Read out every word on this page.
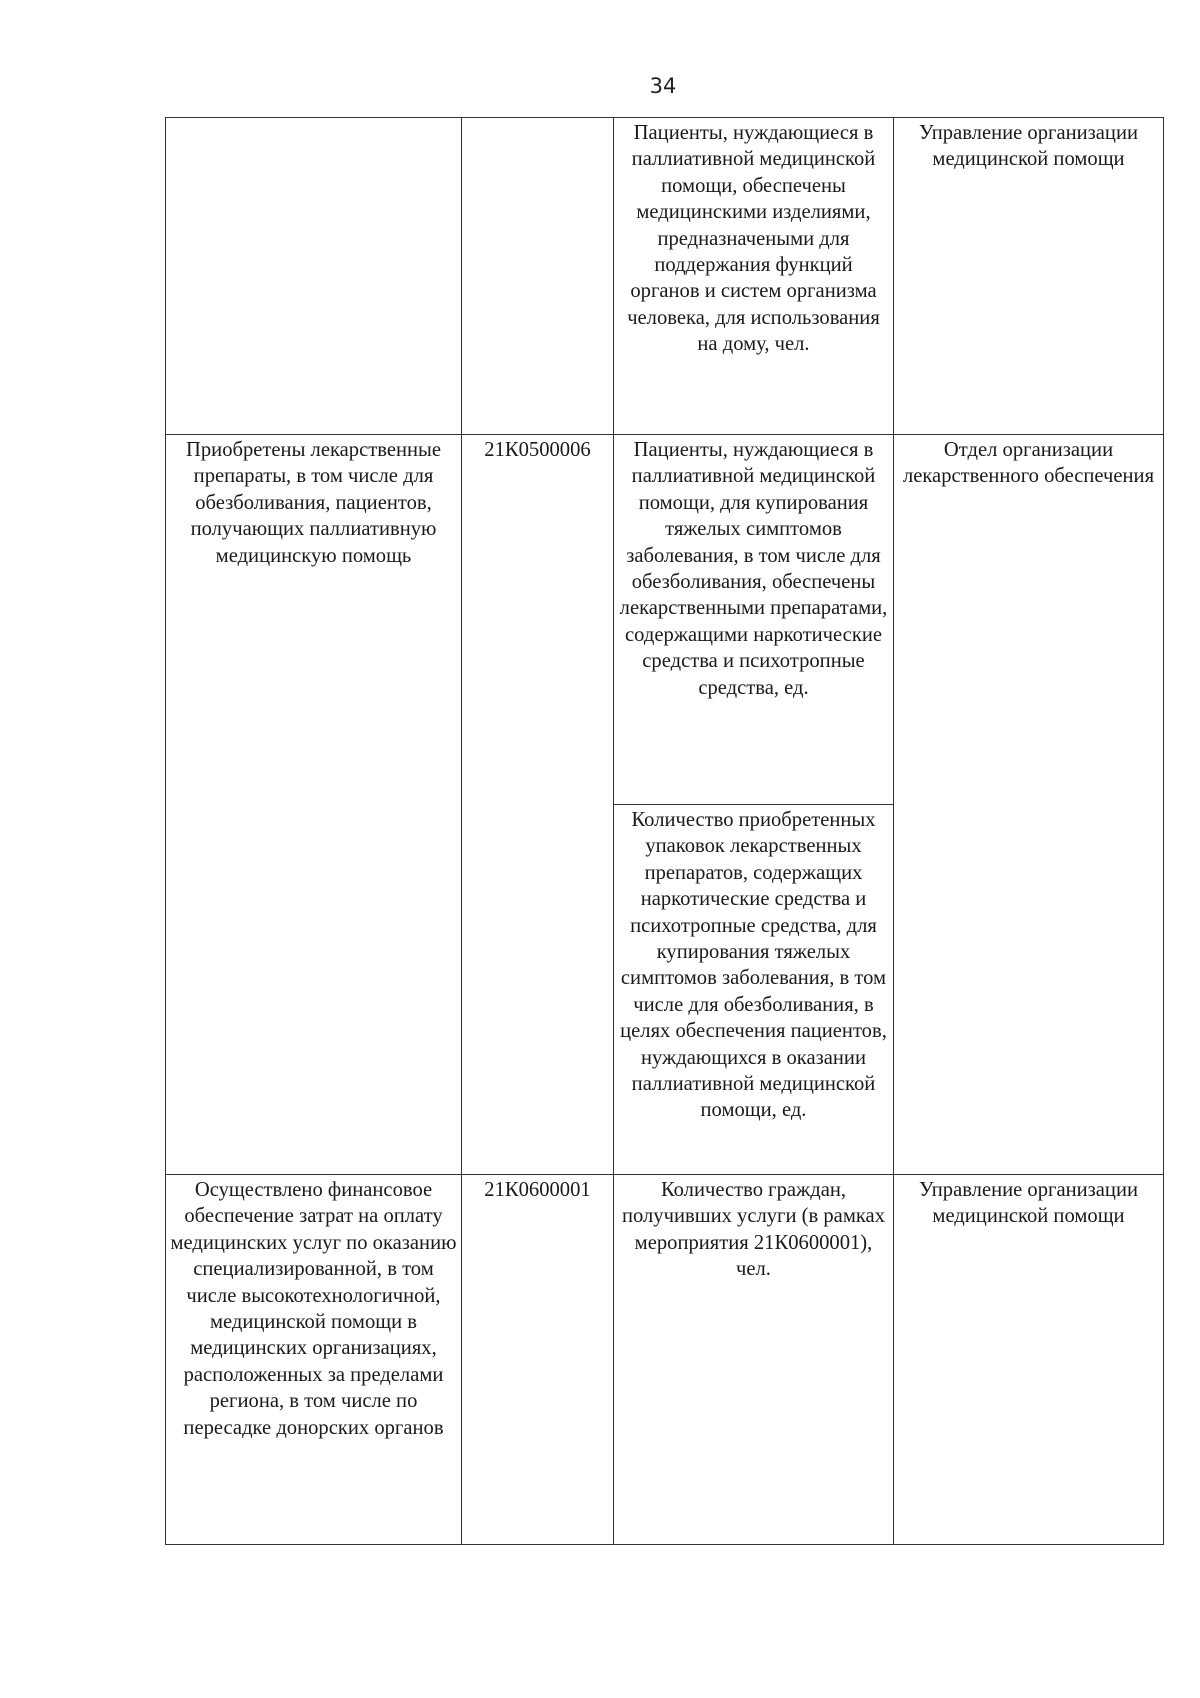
34

		Пациенты, нуждающиеся в паллиативной медицинской помощи, обеспечены медицинскими изделиями, предназначеными для поддержания функций органов и систем организма человека, для использования на дому, чел.	Управление организации медицинской помощи

Приобретены лекарственные препараты, в том числе для обезболивания, пациентов, получающих паллиативную медицинскую помощь	21К0500006	Пациенты, нуждающиеся в паллиативной медицинской помощи, для купирования тяжелых симптомов заболевания, в том числе для обезболивания, обеспечены лекарственными препаратами, содержащими наркотические средства и психотропные средства, ед.	Отдел организации лекарственного обеспечения

		Количество приобретенных упаковок лекарственных препаратов, содержащих наркотические средства и психотропные средства, для купирования тяжелых симптомов заболевания, в том числе для обезболивания, в целях обеспечения пациентов, нуждающихся в оказании паллиативной медицинской помощи, ед.	

Осуществлено финансовое обеспечение затрат на оплату медицинских услуг по оказанию специализированной, в том числе высокотехнологичной, медицинской помощи в медицинских организациях, расположенных за пределами региона, в том числе по пересадке донорских органов	21К0600001	Количество граждан, получивших услуги (в рамках мероприятия 21К0600001), чел.	Управление организации медицинской помощи
